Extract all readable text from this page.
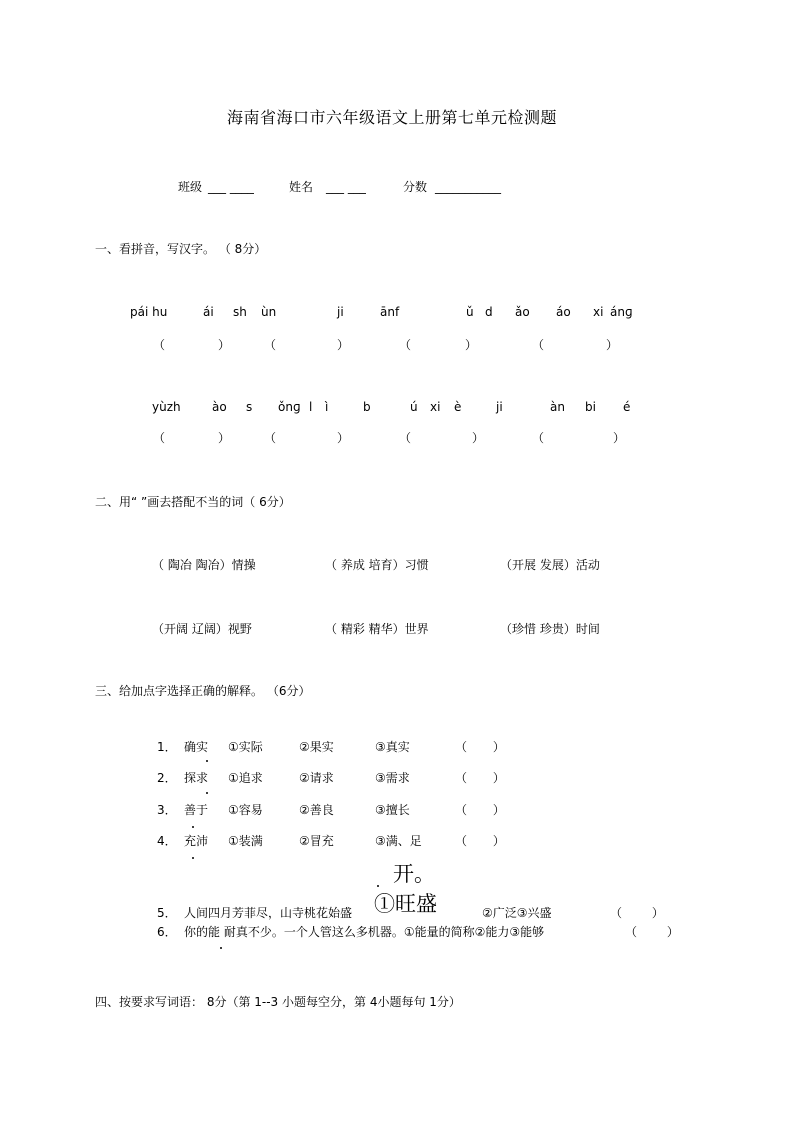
海南省海口市六年级语文上册第七单元检测题
班级 ___ ____	姓名 ___ ___	分数 ___________
一、看拼音，写汉字。 （ 8分）
pái hu	ái sh ùn	ji	ānf	ǔ d ǎo áo xi ánɡ
（	）	（	）	（	）	（	）
yùzh	ào s ǒnɡ l ì	b	ú xi è	ji	àn bi é
（	）	（	）	（	）	（	）
二、用“ ”画去搭配不当的词（ 6分）
（ 陶冶 陶冶）情操	（ 养成 培育）习惯	（开展 发展）活动
（开阔 辽阔）视野	（ 精彩 精华）世界	（珍惜 珍贵）时间
三、给加点字选择正确的解释。 （6分）
1． 确实 ①实际	②果实	③真实	（ ）
2． 探求 ①追求	②请求	③需求	（ ）
3． 善于 ①容易	②善良	③擅长	（ ）
4． 充沛 ①装满	②冒充	③满、足	（ ）
开。
5． 人间四月芳菲尽，山寺桃花始盛 ①旺盛	②广泛③兴盛	（ ）
6． 你的能 耐真不少。一个人管这么多机器。①能量的简称②能力③能够	（ ）
四、按要求写词语： 8分（第 1--3 小题每空分，第 4小题每句 1分）
